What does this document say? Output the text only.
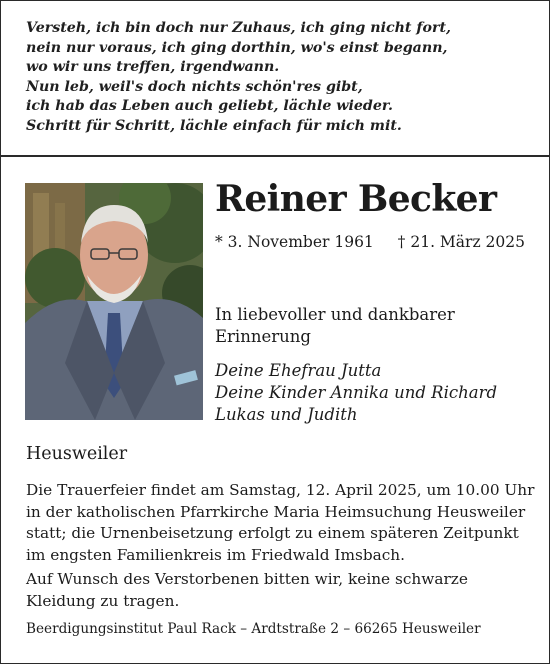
Versteh, ich bin doch nur Zuhaus, ich ging nicht fort,
nein nur voraus, ich ging dorthin, wo's einst begann,
wo wir uns treffen, irgendwann.
Nun leb, weil's doch nichts schön'res gibt,
ich hab das Leben auch geliebt, lächle wieder.
Schritt für Schritt, lächle einfach für mich mit.
Reiner Becker
* 3. November 1961 † 21. März 2025
In liebevoller und dankbarer
Erinnerung
Deine Ehefrau Jutta
Deine Kinder Annika und Richard
Lukas und Judith
Heusweiler
Die Trauerfeier findet am Samstag, 12. April 2025, um 10.00 Uhr
in der katholischen Pfarrkirche Maria Heimsuchung Heusweiler
statt; die Urnenbeisetzung erfolgt zu einem späteren Zeitpunkt
im engsten Familienkreis im Friedwald Imsbach.
Auf Wunsch des Verstorbenen bitten wir, keine schwarze
Kleidung zu tragen.
Beerdigungsinstitut Paul Rack – Ardtstraße 2 – 66265 Heusweiler
